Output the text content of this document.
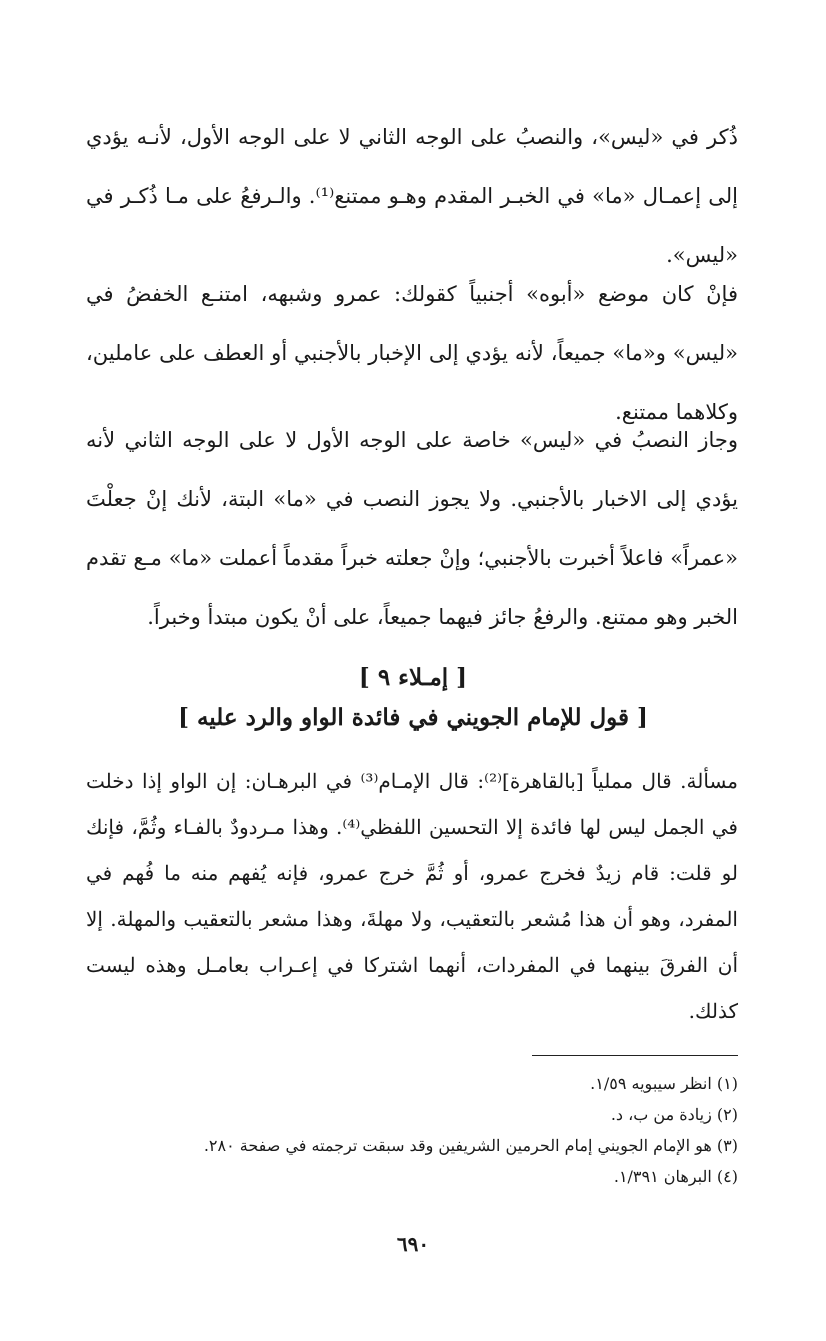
ذُكر في «ليس»، والنصبُ على الوجه الثاني لا على الوجه الأول، لأنـه يؤدي إلى إعمـال «ما» في الخبـر المقدم وهـو ممتنع⁽¹⁾. والـرفعُ على مـا ذُكـر في «ليس».

فإنْ كان موضع «أبوه» أجنبياً كقولك: عمرو وشبهه، امتنـع الخفضُ في «ليس» و«ما» جميعاً، لأنه يؤدي إلى الإخبار بالأجنبي أو العطف على عاملين، وكلاهما ممتنع.

وجاز النصبُ في «ليس» خاصة على الوجه الأول لا على الوجه الثاني لأنه يؤدي إلى الاخبار بالأجنبي. ولا يجوز النصب في «ما» البتة، لأنك إنْ جعلْتَ «عمراً» فاعلاً أخبرت بالأجنبي؛ وإنْ جعلته خبراً مقدماً أعملت «ما» مـع تقدم الخبر وهو ممتنع. والرفعُ جائز فيهما جميعاً، على أنْ يكون مبتدأ وخبراً.

[ إمـلاء ٩ ]
[ قول للإمام الجويني في فائدة الواو والرد عليه ]

مسألة. قال مملياً [بالقاهرة]⁽²⁾: قال الإمـام⁽³⁾ في البرهـان: إن الواو إذا دخلت في الجمل ليس لها فائدة إلا التحسين اللفظي⁽⁴⁾. وهذا مـردودٌ بالفـاء وثُمَّ، فإنك لو قلت: قام زيدٌ فخرج عمرو، أو ثُمَّ خرج عمرو، فإنه يُفهم منه ما فُهم في المفرد، وهو أن هذا مُشعر بالتعقيب، ولا مهلةَ، وهذا مشعر بالتعقيب والمهلة. إلا أن الفرقَ بينهما في المفردات، أنهما اشتركا في إعـراب بعامـل وهذه ليست كذلك.

(١) انظر سيبويه ١/٥٩.

(٢) زيادة من ب، د.

(٣) هو الإمام الجويني إمام الحرمين الشريفين وقد سبقت ترجمته في صفحة ٢٨٠.

(٤) البرهان ١/٣٩١.

٦٩٠
